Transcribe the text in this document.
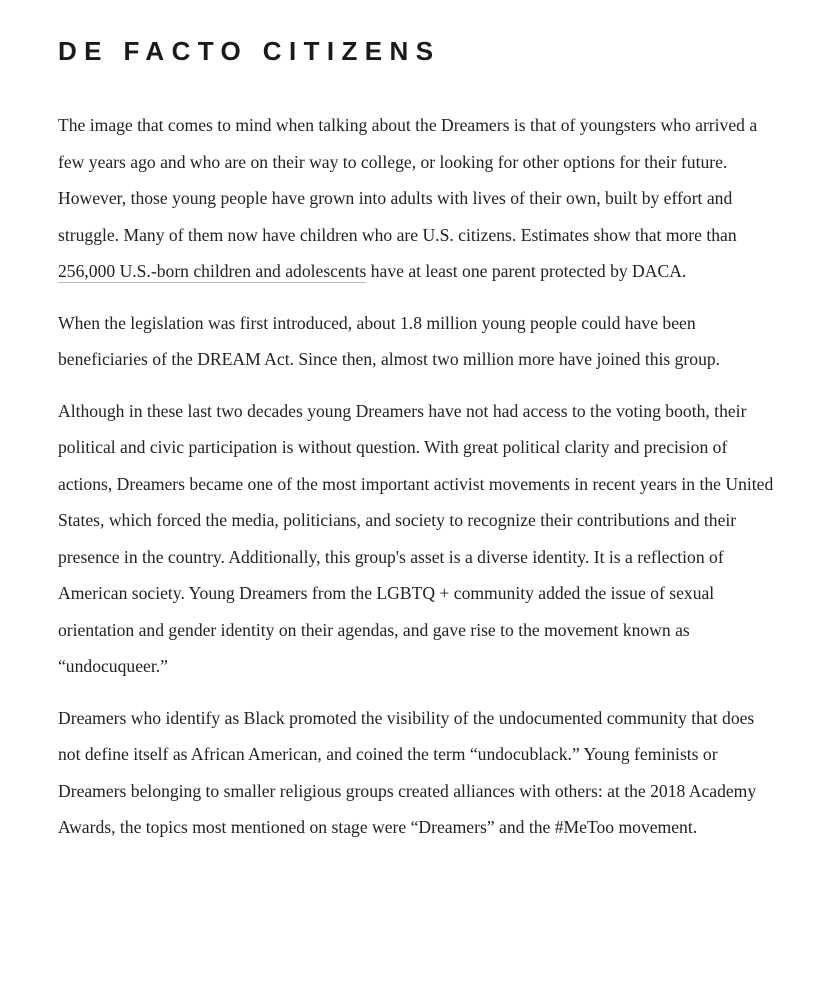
DE FACTO CITIZENS

The image that comes to mind when talking about the Dreamers is that of youngsters who arrived a few years ago and who are on their way to college, or looking for other options for their future. However, those young people have grown into adults with lives of their own, built by effort and struggle. Many of them now have children who are U.S. citizens. Estimates show that more than 256,000 U.S.-born children and adolescents have at least one parent protected by DACA.

When the legislation was first introduced, about 1.8 million young people could have been beneficiaries of the DREAM Act. Since then, almost two million more have joined this group.

Although in these last two decades young Dreamers have not had access to the voting booth, their political and civic participation is without question. With great political clarity and precision of actions, Dreamers became one of the most important activist movements in recent years in the United States, which forced the media, politicians, and society to recognize their contributions and their presence in the country. Additionally, this group's asset is a diverse identity. It is a reflection of American society. Young Dreamers from the LGBTQ + community added the issue of sexual orientation and gender identity on their agendas, and gave rise to the movement known as “undocuqueer.”

Dreamers who identify as Black promoted the visibility of the undocumented community that does not define itself as African American, and coined the term “undocublack.” Young feminists or Dreamers belonging to smaller religious groups created alliances with others: at the 2018 Academy Awards, the topics most mentioned on stage were “Dreamers” and the #MeToo movement.
